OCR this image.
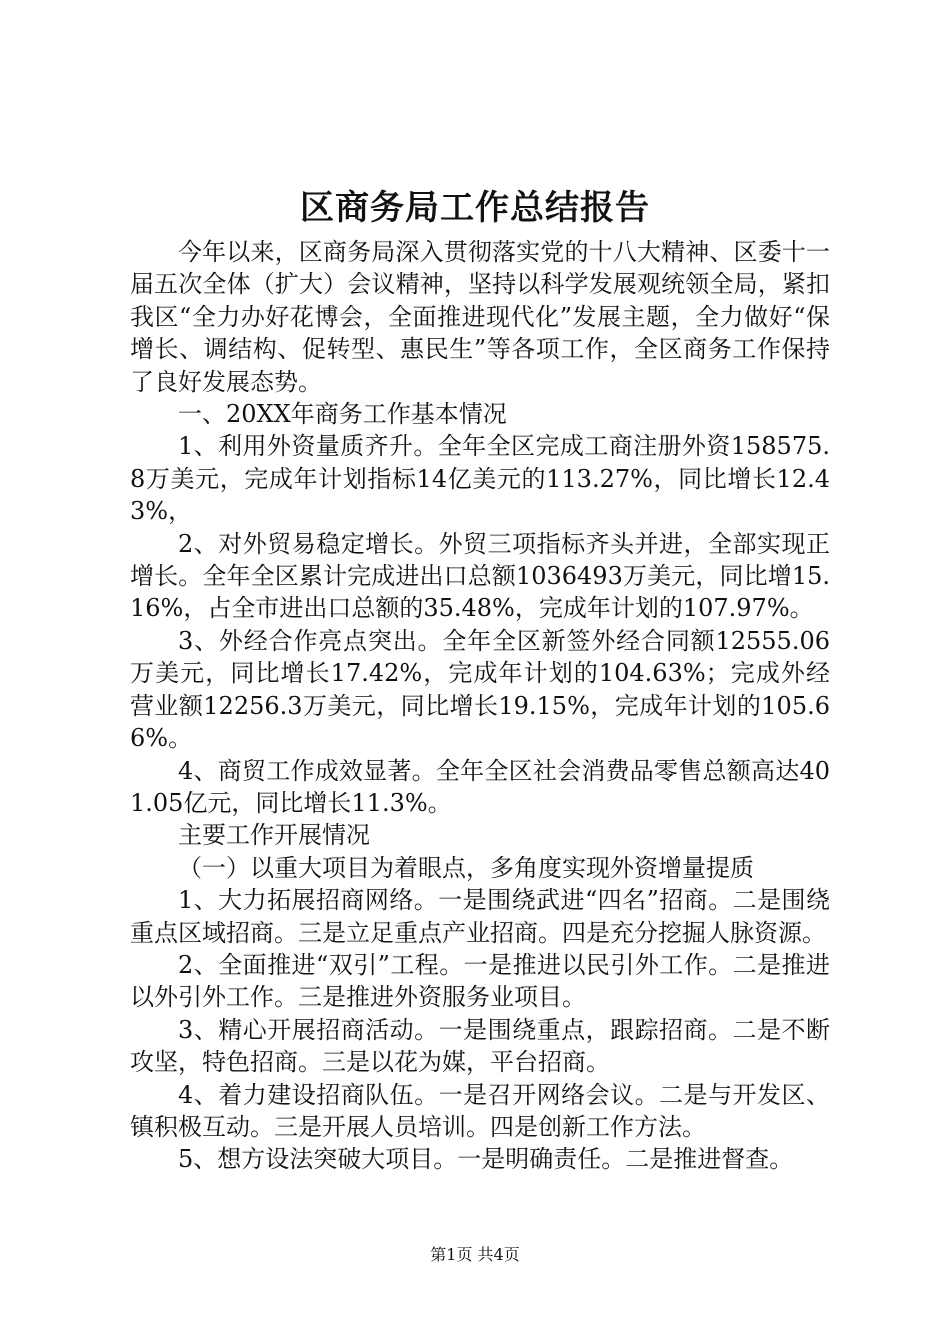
区商务局工作总结报告

今年以来，区商务局深入贯彻落实党的十八大精神、区委十一届五次全体（扩大）会议精神，坚持以科学发展观统领全局，紧扣我区“全力办好花博会，全面推进现代化”发展主题，全力做好“保增长、调结构、促转型、惠民生”等各项工作，全区商务工作保持了良好发展态势。

一、20XX年商务工作基本情况

1、利用外资量质齐升。全年全区完成工商注册外资158575.8万美元，完成年计划指标14亿美元的113.27%，同比增长12.43%，

2、对外贸易稳定增长。外贸三项指标齐头并进，全部实现正增长。全年全区累计完成进出口总额1036493万美元，同比增15.16%，占全市进出口总额的35.48%，完成年计划的107.97%。

3、外经合作亮点突出。全年全区新签外经合同额12555.06万美元，同比增长17.42%，完成年计划的104.63%；完成外经营业额12256.3万美元，同比增长19.15%，完成年计划的105.66%。

4、商贸工作成效显著。全年全区社会消费品零售总额高达401.05亿元，同比增长11.3%。

主要工作开展情况

（一）以重大项目为着眼点，多角度实现外资增量提质

1、大力拓展招商网络。一是围绕武进“四名”招商。二是围绕重点区域招商。三是立足重点产业招商。四是充分挖掘人脉资源。

2、全面推进“双引”工程。一是推进以民引外工作。二是推进以外引外工作。三是推进外资服务业项目。

3、精心开展招商活动。一是围绕重点，跟踪招商。二是不断攻坚，特色招商。三是以花为媒，平台招商。

4、着力建设招商队伍。一是召开网络会议。二是与开发区、镇积极互动。三是开展人员培训。四是创新工作方法。

5、想方设法突破大项目。一是明确责任。二是推进督查。

第1页 共4页
